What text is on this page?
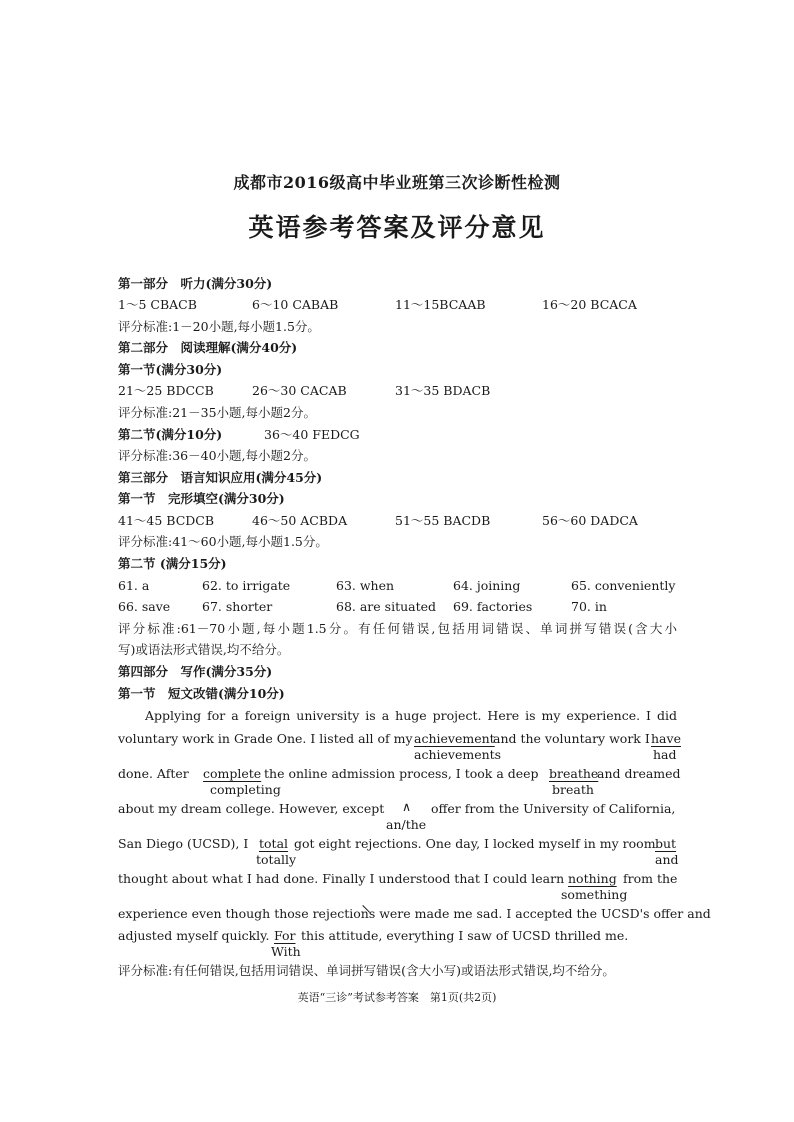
成都市2016级高中毕业班第三次诊断性检测
英语参考答案及评分意见
第一部分　听力(满分30分)
1～5 CBACB	6～10 CABAB	11～15BCAAB	16～20 BCACA
评分标准:1－20小题,每小题1.5分。
第二部分　阅读理解(满分40分)
第一节(满分30分)
21～25 BDCCB	26～30 CACAB	31～35 BDACB
评分标准:21－35小题,每小题2分。
第二节(满分10分)	36～40 FEDCG
评分标准:36－40小题,每小题2分。
第三部分　语言知识应用(满分45分)
第一节　完形填空(满分30分)
41～45 BCDCB	46～50 ACBDA	51～55 BACDB	56～60 DADCA
评分标准:41～60小题,每小题1.5分。
第二节 (满分15分)
61. a	62. to irrigate	63. when	64. joining	65. conveniently
66. save	67. shorter	68. are situated 69. factories	70. in
评分标准:61－70小题,每小题1.5分。有任何错误,包括用词错误、单词拼写错误(含大小
写)或语法形式错误,均不给分。
第四部分　写作(满分35分)
第一节　短文改错(满分10分)
Applying for a foreign university is a huge project. Here is my experience. I did
voluntary work in Grade One. I listed all of my achievement
and the voluntary work I have
achievements	had
done. After complete the online admission process, I took a deep breathe
and dreamed
completing	breath
about my dream college. However, except ∧ offer from the University of California,
an/the
San Diego (UCSD), I total got eight rejections. One day, I locked myself in my room but
totally	and
thought about what I had done. Finally I understood that I could learn nothing from the
something
experience even though those rejections were made me sad. I accepted the UCSD's offer and
adjusted myself quickly. For this attitude, everything I saw of UCSD thrilled me.
With
评分标准:有任何错误,包括用词错误、单词拼写错误(含大小写)或语法形式错误,均不给分。
英语“三诊”考试参考答案　第1页(共2页)
